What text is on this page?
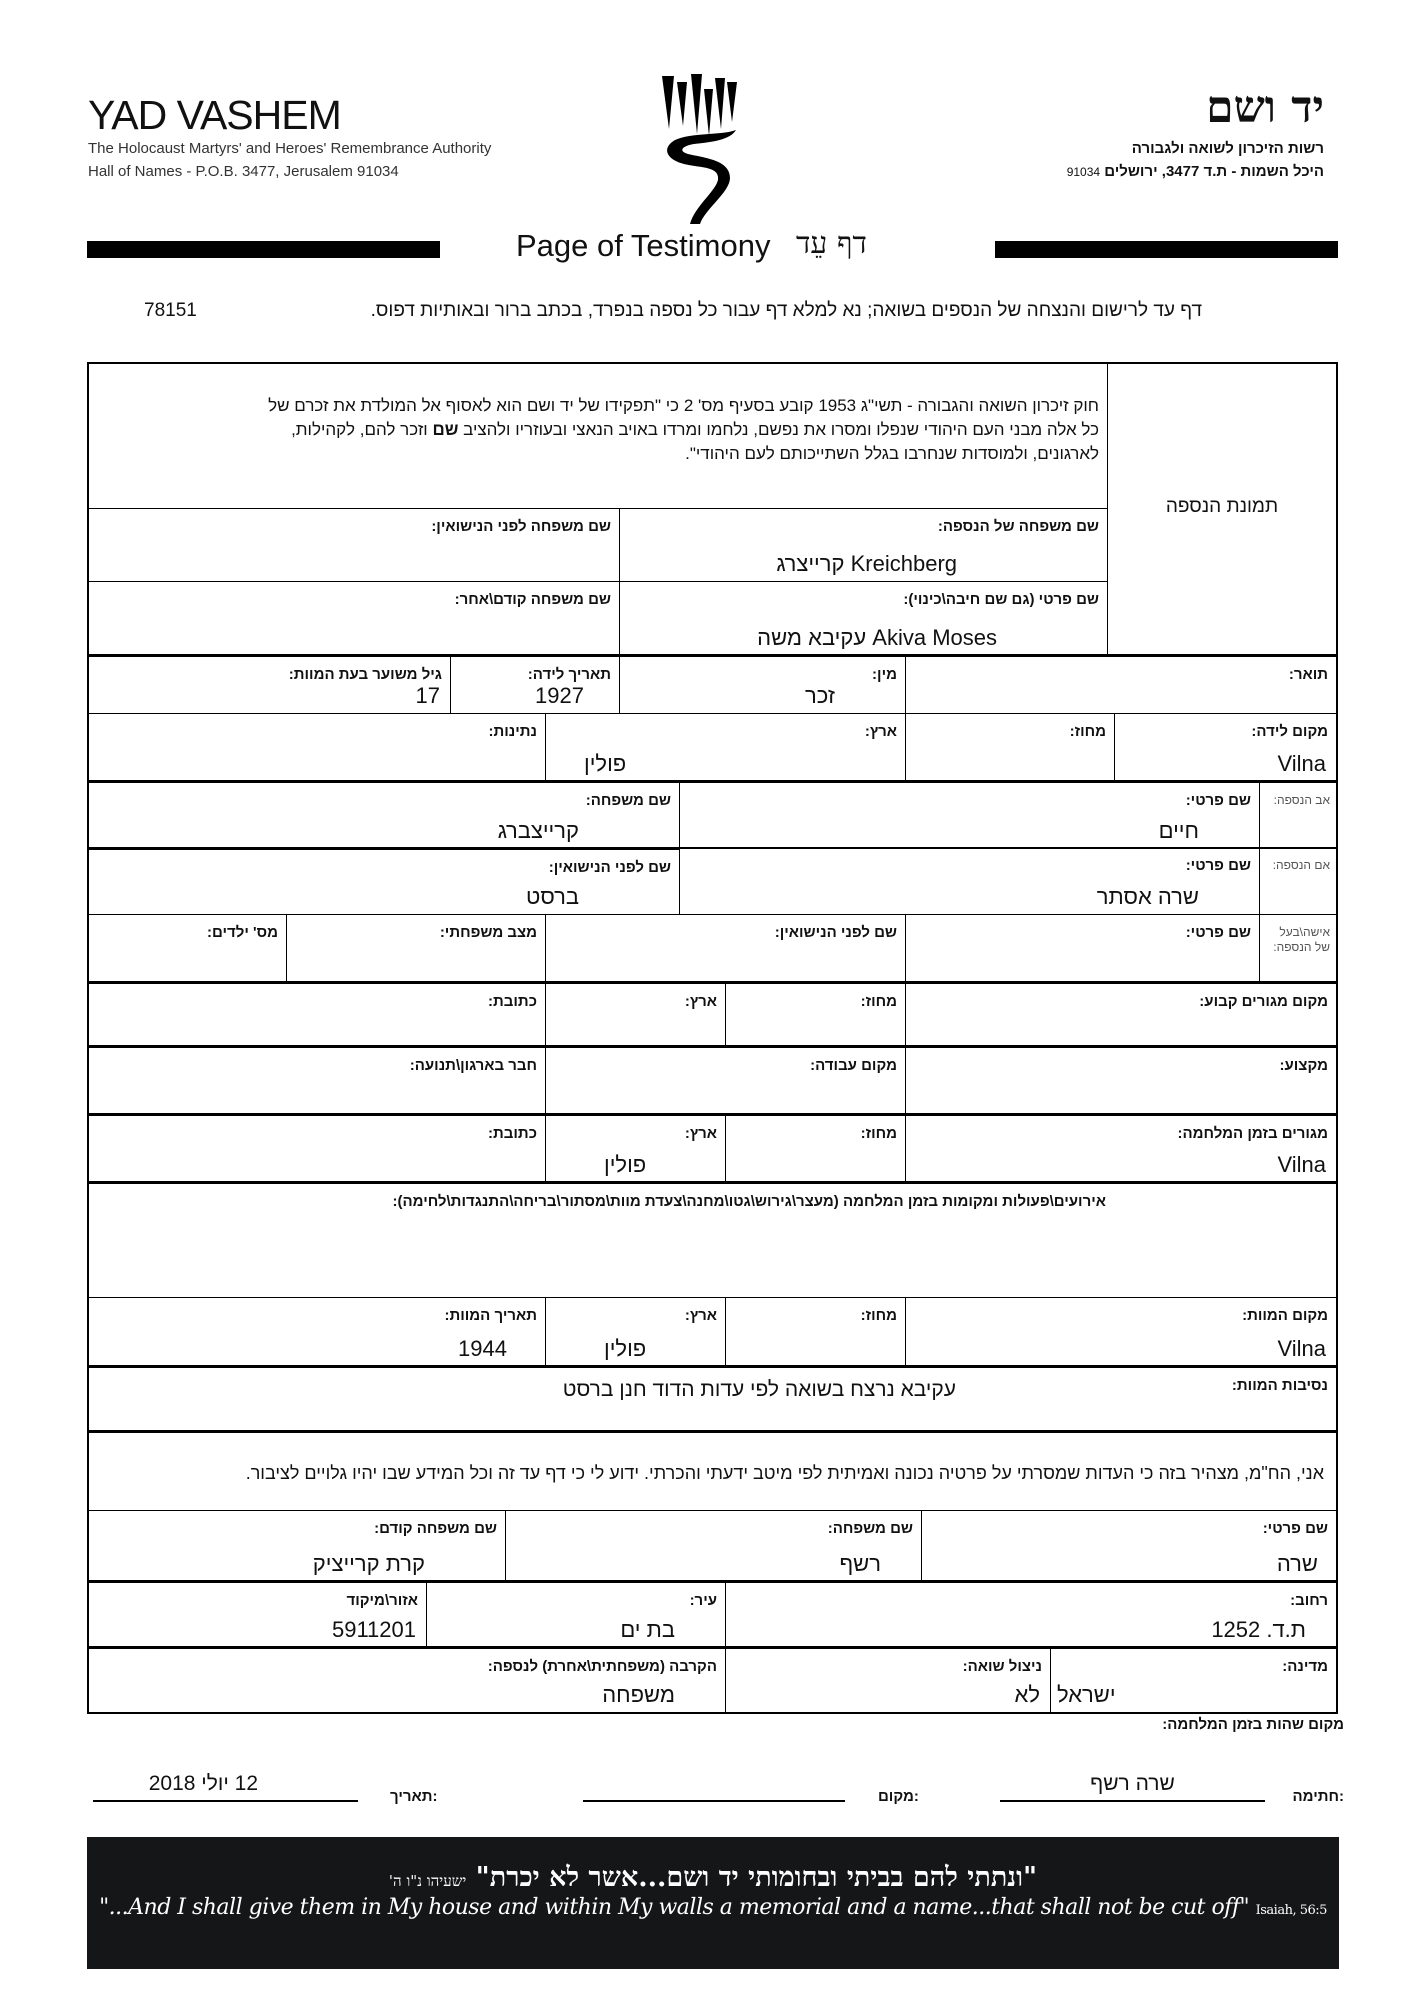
YAD VASHEM
The Holocaust Martyrs' and Heroes' Remembrance Authority
Hall of Names - P.O.B. 3477, Jerusalem 91034
יד ושם
רשות הזיכרון לשואה ולגבורה
היכל השמות - ת.ד 3477, ירושלים 91034
Page of Testimony דף עֵד
דף עד לרישום והנצחה של הנספים בשואה; נא למלא דף עבור כל נספה בנפרד, בכתב ברור ובאותיות דפוס.
78151
חוק זיכרון השואה והגבורה - תשי"ג 1953 קובע בסעיף מס' 2 כי "תפקידו של יד ושם הוא לאסוף אל המולדת את זכרם של
כל אלה מבני העם היהודי שנפלו ומסרו את נפשם, נלחמו ומרדו באויב הנאצי ובעוזריו ולהציב שם וזכר להם, לקהילות,
לארגונים, ולמוסדות שנחרבו בגלל השתייכותם לעם היהודי".
תמונת הנספה
שם משפחה של הנספה:
Kreichberg קרייצרג
שם משפחה לפני הנישואין:
שם פרטי (גם שם חיבה\כינוי):
Akiva Moses עקיבא משה
שם משפחה קודם\אחר:
תואר:
מין:
זכר
תאריך לידה:
1927
גיל משוער בעת המוות:
17
מקום לידה:
Vilna
מחוז:
ארץ:
פולין
נתינות:
אב הנספה:
שם פרטי:
חיים
שם משפחה:
קרייצברג
אם הנספה:
שם פרטי:
שרה אסתר
שם לפני הנישואין:
ברסט
אישה\בעל
של הנספה:
שם פרטי:
שם לפני הנישואין:
מצב משפחתי:
מס' ילדים:
מקום מגורים קבוע:
מחוז:
ארץ:
כתובת:
מקצוע:
מקום עבודה:
חבר בארגון\תנועה:
מגורים בזמן המלחמה:
Vilna
מחוז:
ארץ:
פולין
כתובת:
אירועים\פעולות ומקומות בזמן המלחמה (מעצר\גירוש\גטו\מחנה\צעדת מוות\מסתור\בריחה\התנגדות\לחימה):
מקום המוות:
Vilna
מחוז:
ארץ:
פולין
תאריך המוות:
1944
נסיבות המוות:
עקיבא נרצח בשואה לפי עדות הדוד חנן ברסט
אני, הח"מ, מצהיר בזה כי העדות שמסרתי על פרטיה נכונה ואמיתית לפי מיטב ידעתי והכרתי. ידוע לי כי דף עד זה וכל המידע שבו יהיו גלויים לציבור.
שם פרטי:
שרה
שם משפחה:
רשף
שם משפחה קודם:
קרת קרייציק
רחוב:
ת.ד. 1252
עיר:
בת ים
אזור\מיקוד
5911201
מדינה:
ישראל
ניצול שואה:
לא
הקרבה (משפחתית\אחרת) לנספה:
משפחה
מקום שהות בזמן המלחמה:
חתימה:
שרה רשף
מקום:
תאריך:
12 יולי 2018
"ונתתי להם בביתי ובחומותי יד ושם...אשר לא יכרת" ישעיהו נ"ו ה'
"...And I shall give them in My house and within My walls a memorial and a name...that shall not be cut off" Isaiah, 56:5
